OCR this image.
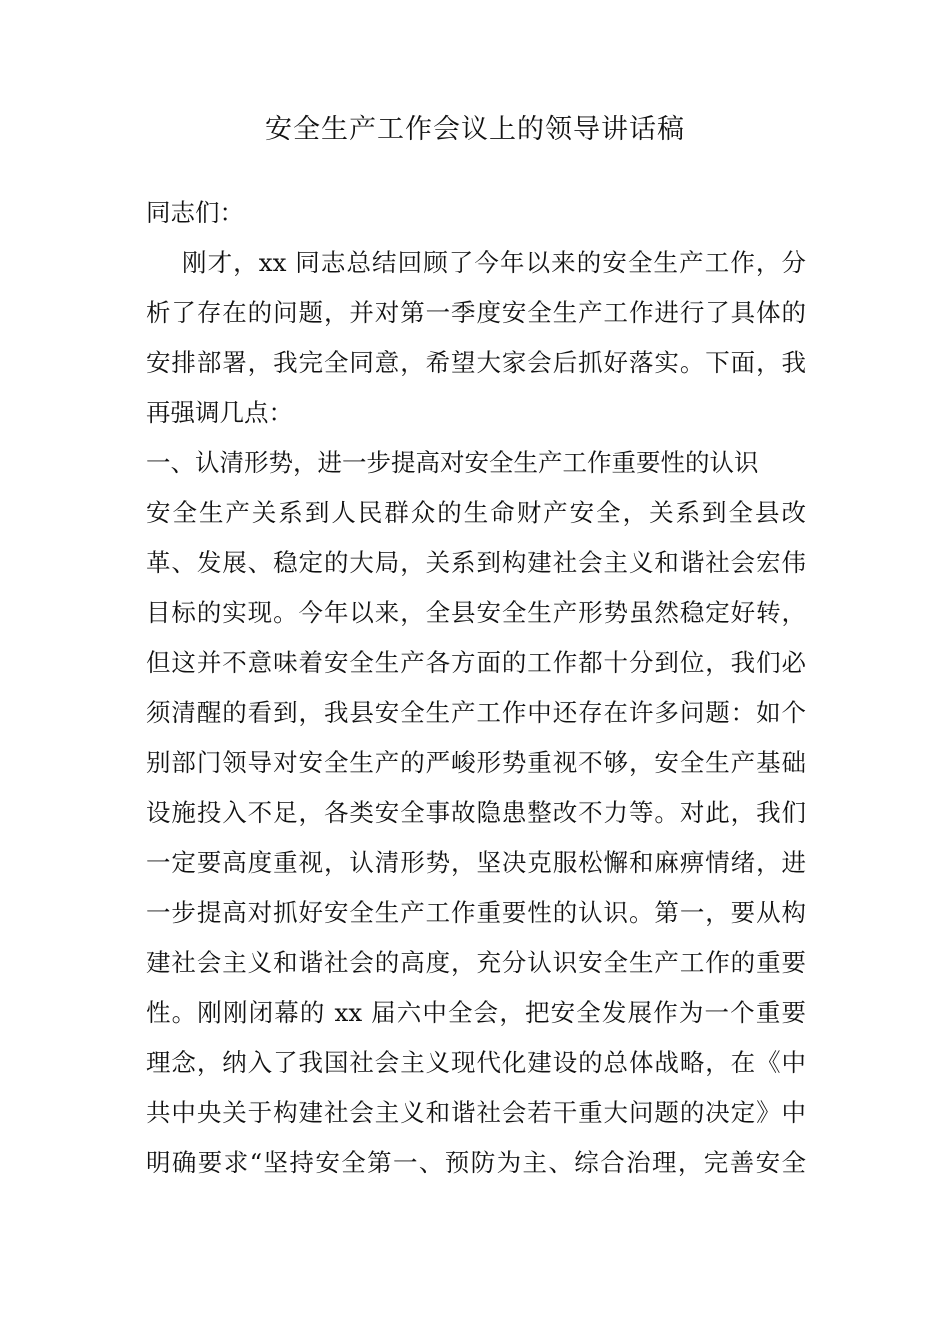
安全生产工作会议上的领导讲话稿
同志们：
刚才，xx 同志总结回顾了今年以来的安全生产工作，分
析了存在的问题，并对第一季度安全生产工作进行了具体的
安排部署，我完全同意，希望大家会后抓好落实。下面，我
再强调几点：
一、认清形势，进一步提高对安全生产工作重要性的认识
安全生产关系到人民群众的生命财产安全，关系到全县改
革、发展、稳定的大局，关系到构建社会主义和谐社会宏伟
目标的实现。今年以来，全县安全生产形势虽然稳定好转，
但这并不意味着安全生产各方面的工作都十分到位，我们必
须清醒的看到，我县安全生产工作中还存在许多问题：如个
别部门领导对安全生产的严峻形势重视不够，安全生产基础
设施投入不足，各类安全事故隐患整改不力等。对此，我们
一定要高度重视，认清形势，坚决克服松懈和麻痹情绪，进
一步提高对抓好安全生产工作重要性的认识。第一，要从构
建社会主义和谐社会的高度，充分认识安全生产工作的重要
性。刚刚闭幕的 xx 届六中全会，把安全发展作为一个重要
理念，纳入了我国社会主义现代化建设的总体战略，在《中
共中央关于构建社会主义和谐社会若干重大问题的决定》中
明确要求“坚持安全第一、预防为主、综合治理，完善安全
